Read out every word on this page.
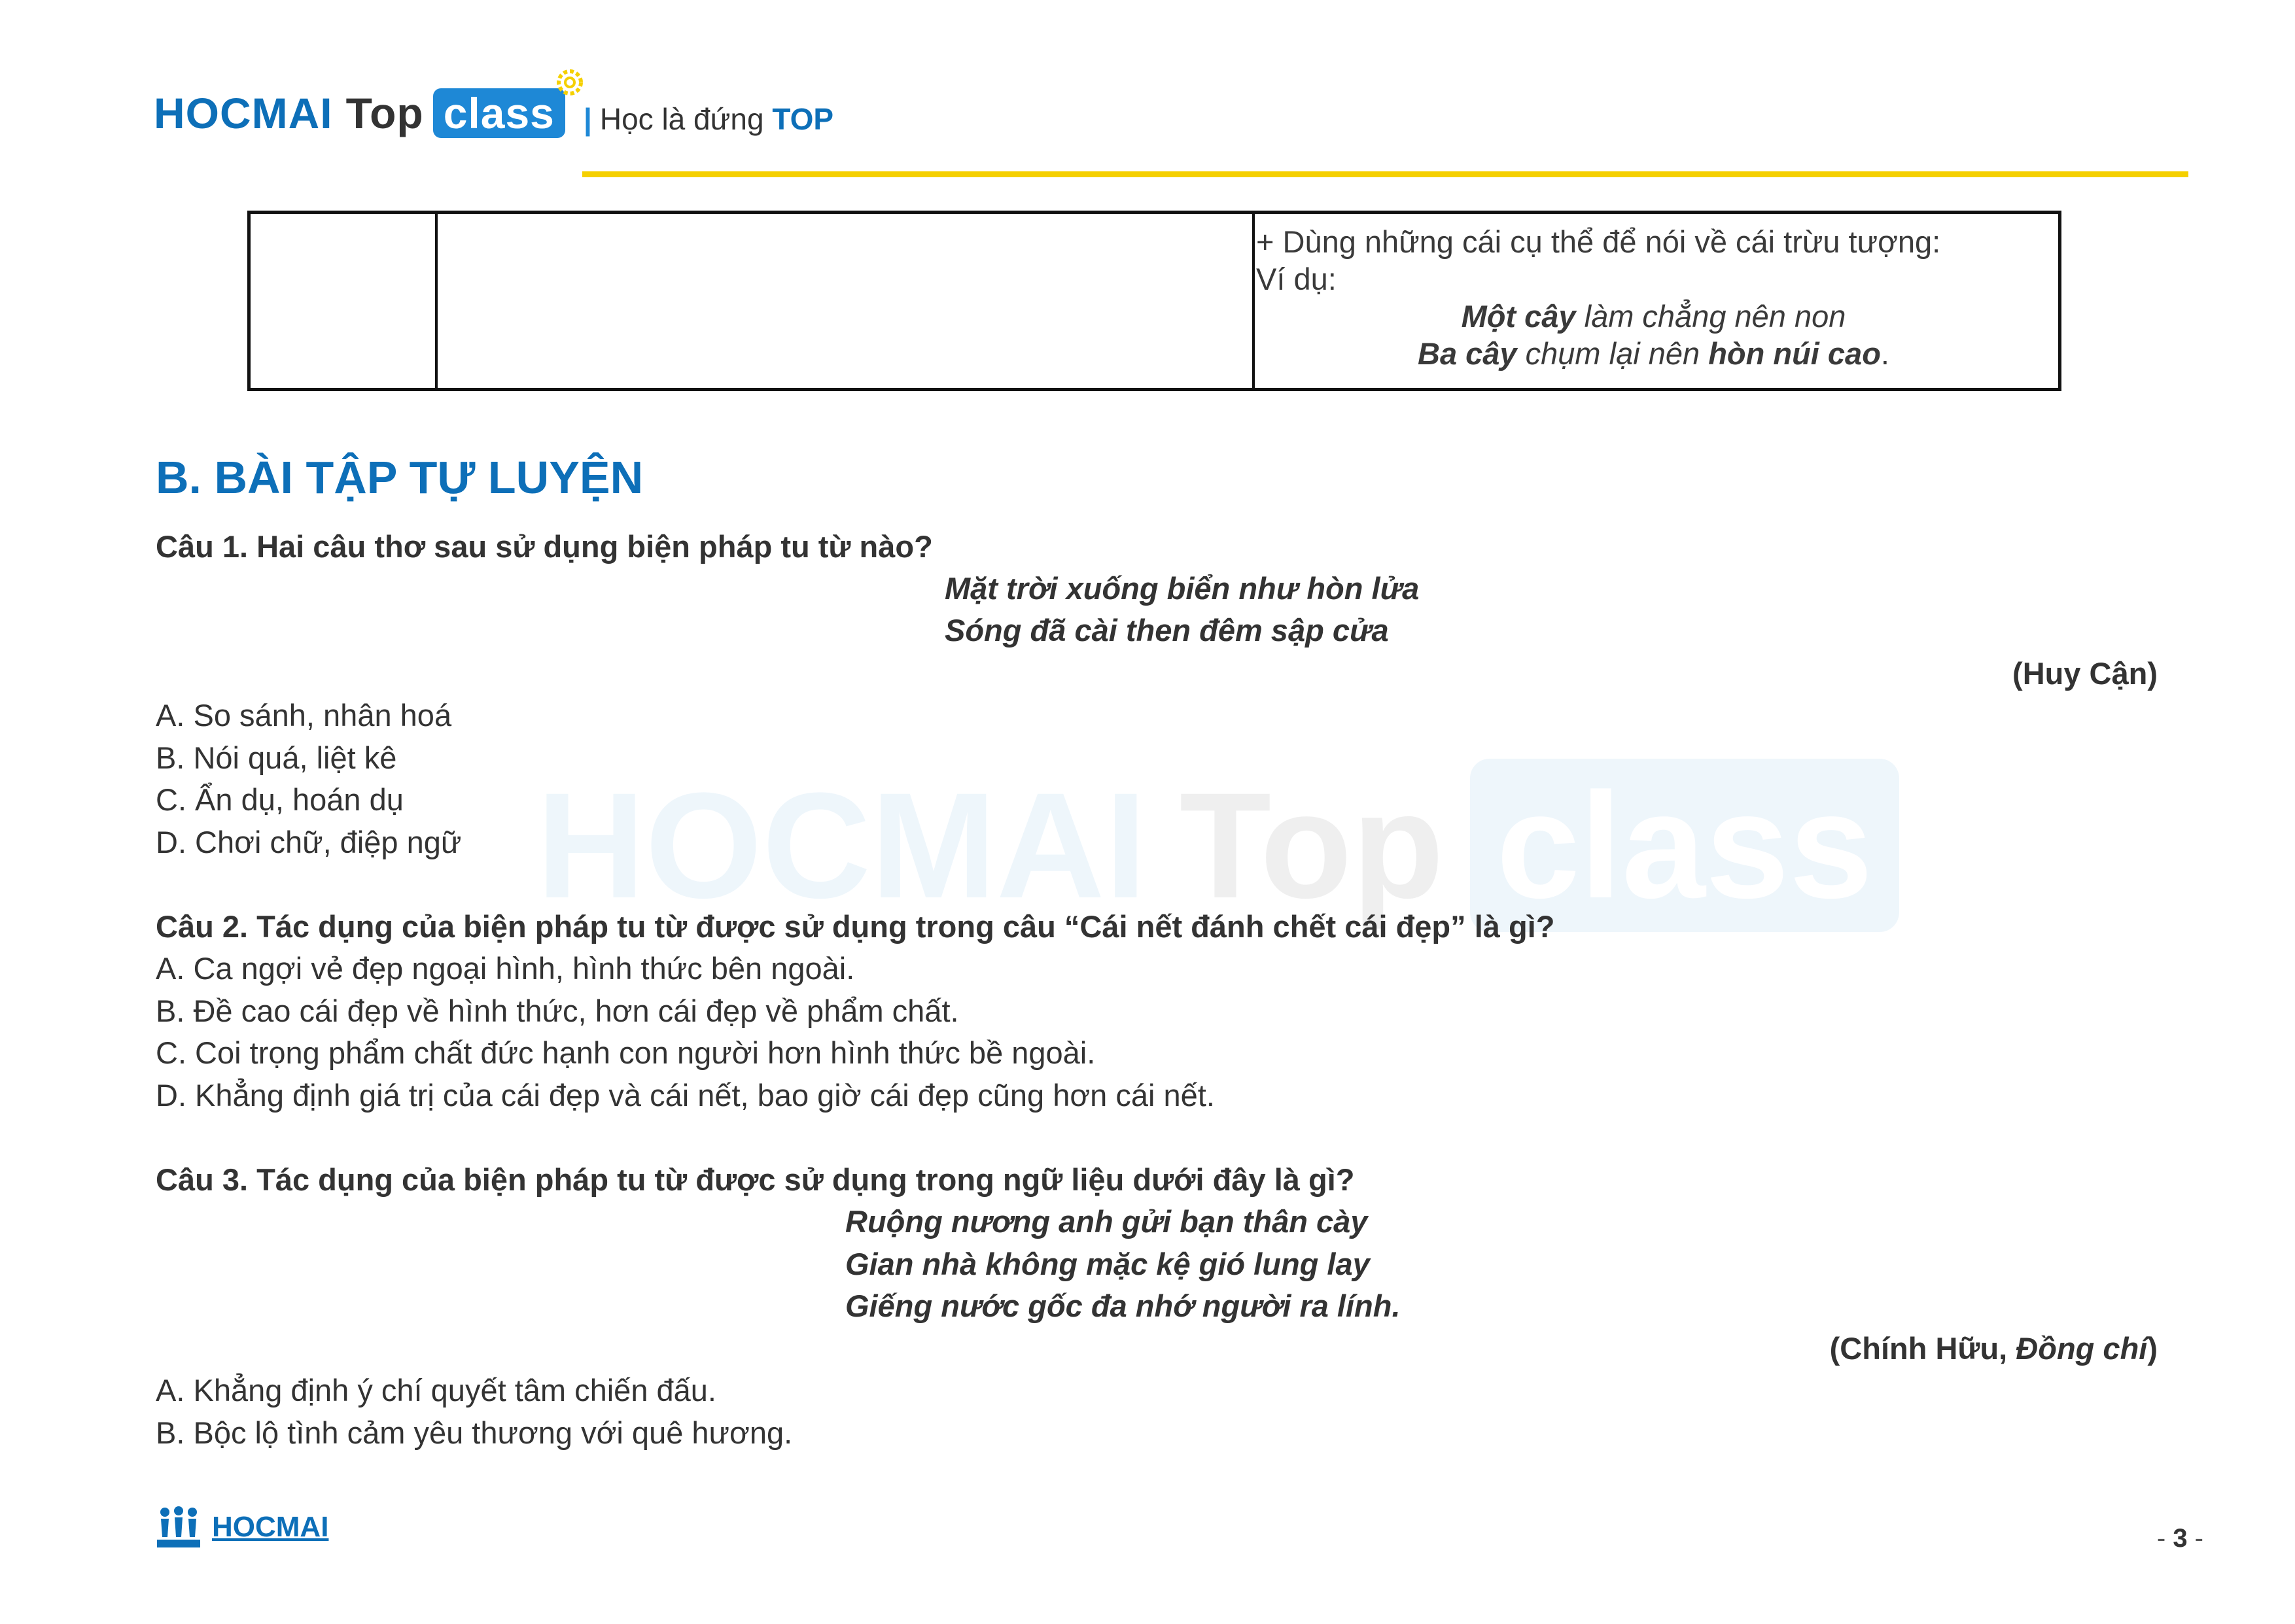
HOCMAI Top class | Học là đứng TOP
+ Dùng những cái cụ thể để nói về cái trừu tượng:
Ví dụ:
Một cây làm chẳng nên non
Ba cây chụm lại nên hòn núi cao.
HOCMAI Top class
B. BÀI TẬP TỰ LUYỆN
Câu 1. Hai câu thơ sau sử dụng biện pháp tu từ nào?
Mặt trời xuống biển như hòn lửa
Sóng đã cài then đêm sập cửa
(Huy Cận)
A. So sánh, nhân hoá
B. Nói quá, liệt kê
C. Ẩn dụ, hoán dụ
D. Chơi chữ, điệp ngữ
Câu 2. Tác dụng của biện pháp tu từ được sử dụng trong câu “Cái nết đánh chết cái đẹp” là gì?
A. Ca ngợi vẻ đẹp ngoại hình, hình thức bên ngoài.
B. Đề cao cái đẹp về hình thức, hơn cái đẹp về phẩm chất.
C. Coi trọng phẩm chất đức hạnh con người hơn hình thức bề ngoài.
D. Khẳng định giá trị của cái đẹp và cái nết, bao giờ cái đẹp cũng hơn cái nết.
Câu 3. Tác dụng của biện pháp tu từ được sử dụng trong ngữ liệu dưới đây là gì?
Ruộng nương anh gửi bạn thân cày
Gian nhà không mặc kệ gió lung lay
Giếng nước gốc đa nhớ người ra lính.
(Chính Hữu, Đồng chí)
A. Khẳng định ý chí quyết tâm chiến đấu.
B. Bộc lộ tình cảm yêu thương với quê hương.
HOCMAI	- 3 -
